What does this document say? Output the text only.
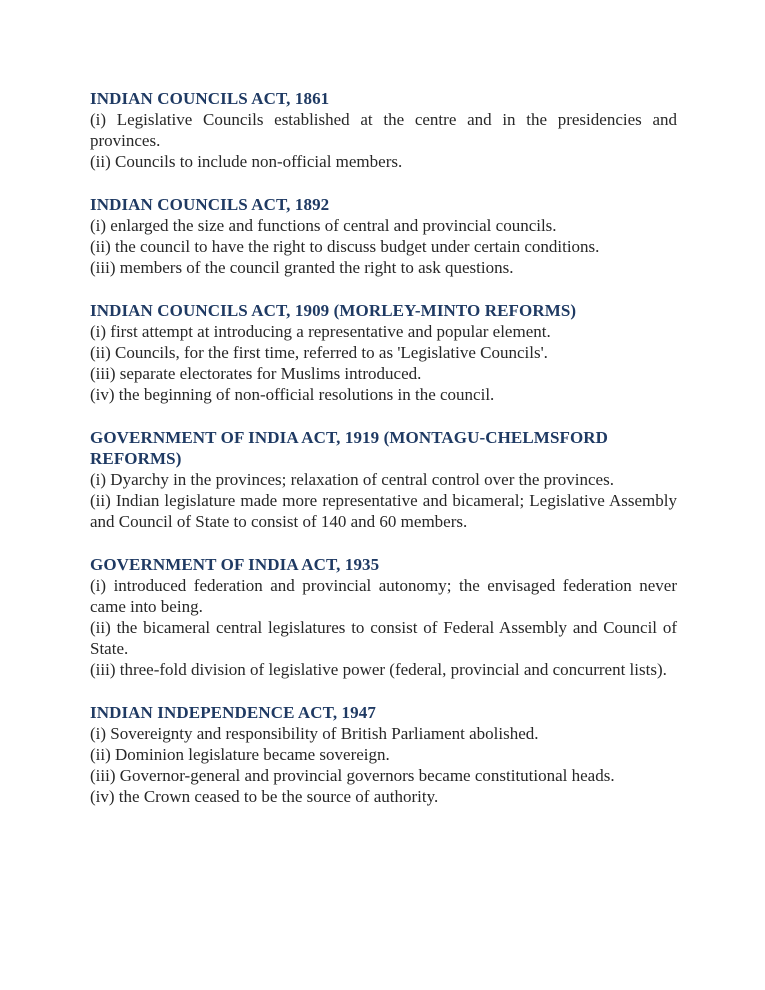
INDIAN COUNCILS ACT, 1861

(i) Legislative Councils established at the centre and in the presidencies and provinces.

(ii) Councils to include non-official members.

INDIAN COUNCILS ACT, 1892

(i) enlarged the size and functions of central and provincial councils.

(ii) the council to have the right to discuss budget under certain conditions.

(iii) members of the council granted the right to ask questions.

INDIAN COUNCILS ACT, 1909 (MORLEY-MINTO REFORMS)

(i) first attempt at introducing a representative and popular element.

(ii) Councils, for the first time, referred to as 'Legislative Councils'.

(iii) separate electorates for Muslims introduced.

(iv) the beginning of non-official resolutions in the council.

GOVERNMENT OF INDIA ACT, 1919 (MONTAGU-CHELMSFORD REFORMS)

(i) Dyarchy in the provinces; relaxation of central control over the provinces.

(ii) Indian legislature made more representative and bicameral; Legislative Assembly and Council of State to consist of 140 and 60 members.

GOVERNMENT OF INDIA ACT, 1935

(i) introduced federation and provincial autonomy; the envisaged federation never came into being.

(ii) the bicameral central legislatures to consist of Federal Assembly and Council of State.

(iii) three-fold division of legislative power (federal, provincial and concurrent lists).

INDIAN INDEPENDENCE ACT, 1947

(i) Sovereignty and responsibility of British Parliament abolished.

(ii) Dominion legislature became sovereign.

(iii) Governor-general and provincial governors became constitutional heads.

(iv) the Crown ceased to be the source of authority.
